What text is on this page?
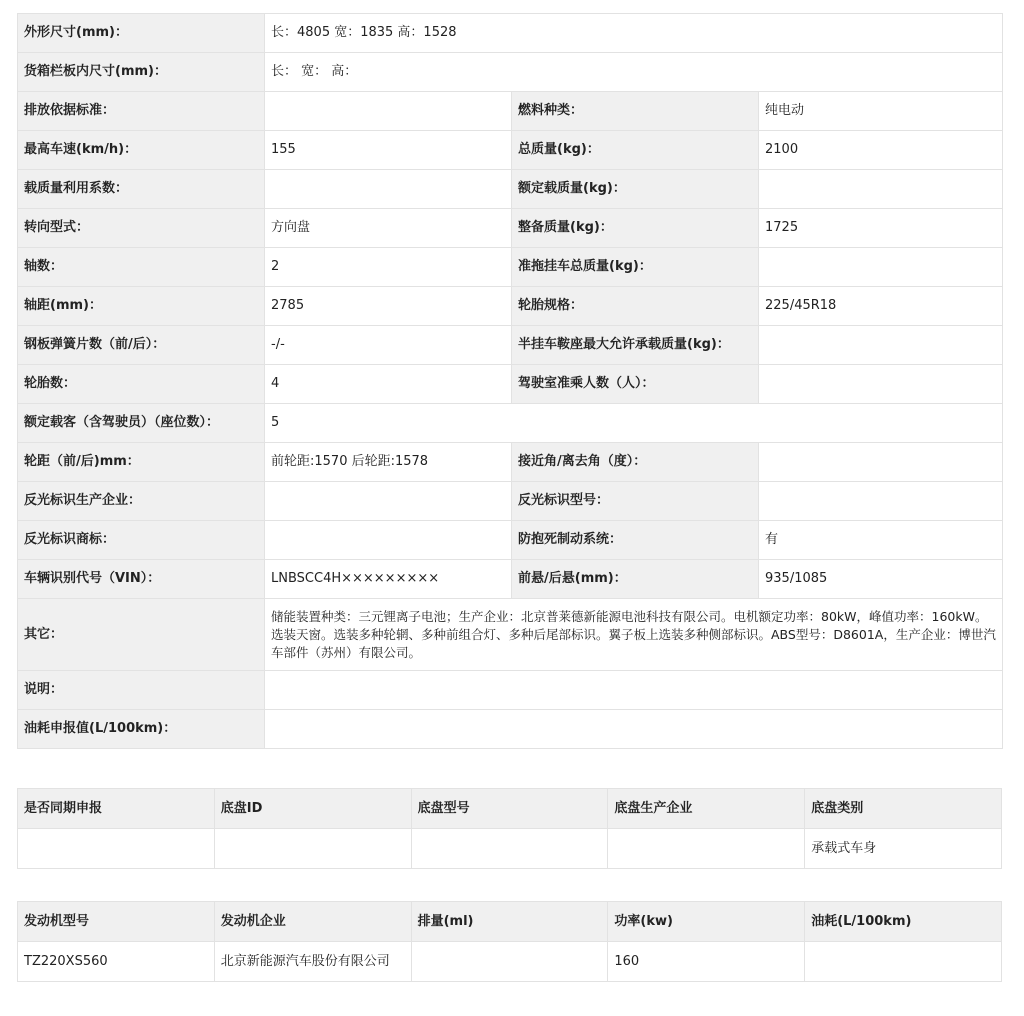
外形尺寸(mm)：	长：4805 宽：1835 高：1528		
货箱栏板内尺寸(mm)：	长： 宽： 高：		
排放依据标准：		燃料种类：	纯电动
最高车速(km/h)：	155	总质量(kg)：	2100
载质量利用系数：		额定载质量(kg)：	
转向型式：	方向盘	整备质量(kg)：	1725
轴数：	2	准拖挂车总质量(kg)：	
轴距(mm)：	2785	轮胎规格：	225/45R18
钢板弹簧片数（前/后）：	-/-	半挂车鞍座最大允许承载质量(kg)：	
轮胎数：	4	驾驶室准乘人数（人）：	
额定载客（含驾驶员）（座位数）：	5		
轮距（前/后)mm：	前轮距:1570 后轮距:1578	接近角/离去角（度）：	
反光标识生产企业：		反光标识型号：	
反光标识商标：		防抱死制动系统：	有
车辆识别代号（VIN）：	LNBSCC4H×××××××××	前悬/后悬(mm)：	935/1085
其它：	储能装置种类：三元锂离子电池；生产企业：北京普莱德新能源电池科技有限公司。电机额定功率：80kW，峰值功率：160kW。选装天窗。选装多种轮辋、多种前组合灯、多种后尾部标识。翼子板上选装多种侧部标识。ABS型号：D8601A，生产企业：博世汽车部件（苏州）有限公司。		
说明：			
油耗申报值(L/100km)：			
是否同期申报	底盘ID	底盘型号	底盘生产企业	底盘类别
				承载式车身
发动机型号	发动机企业	排量(ml)	功率(kw)	油耗(L/100km)
TZ220XS560	北京新能源汽车股份有限公司		160	
